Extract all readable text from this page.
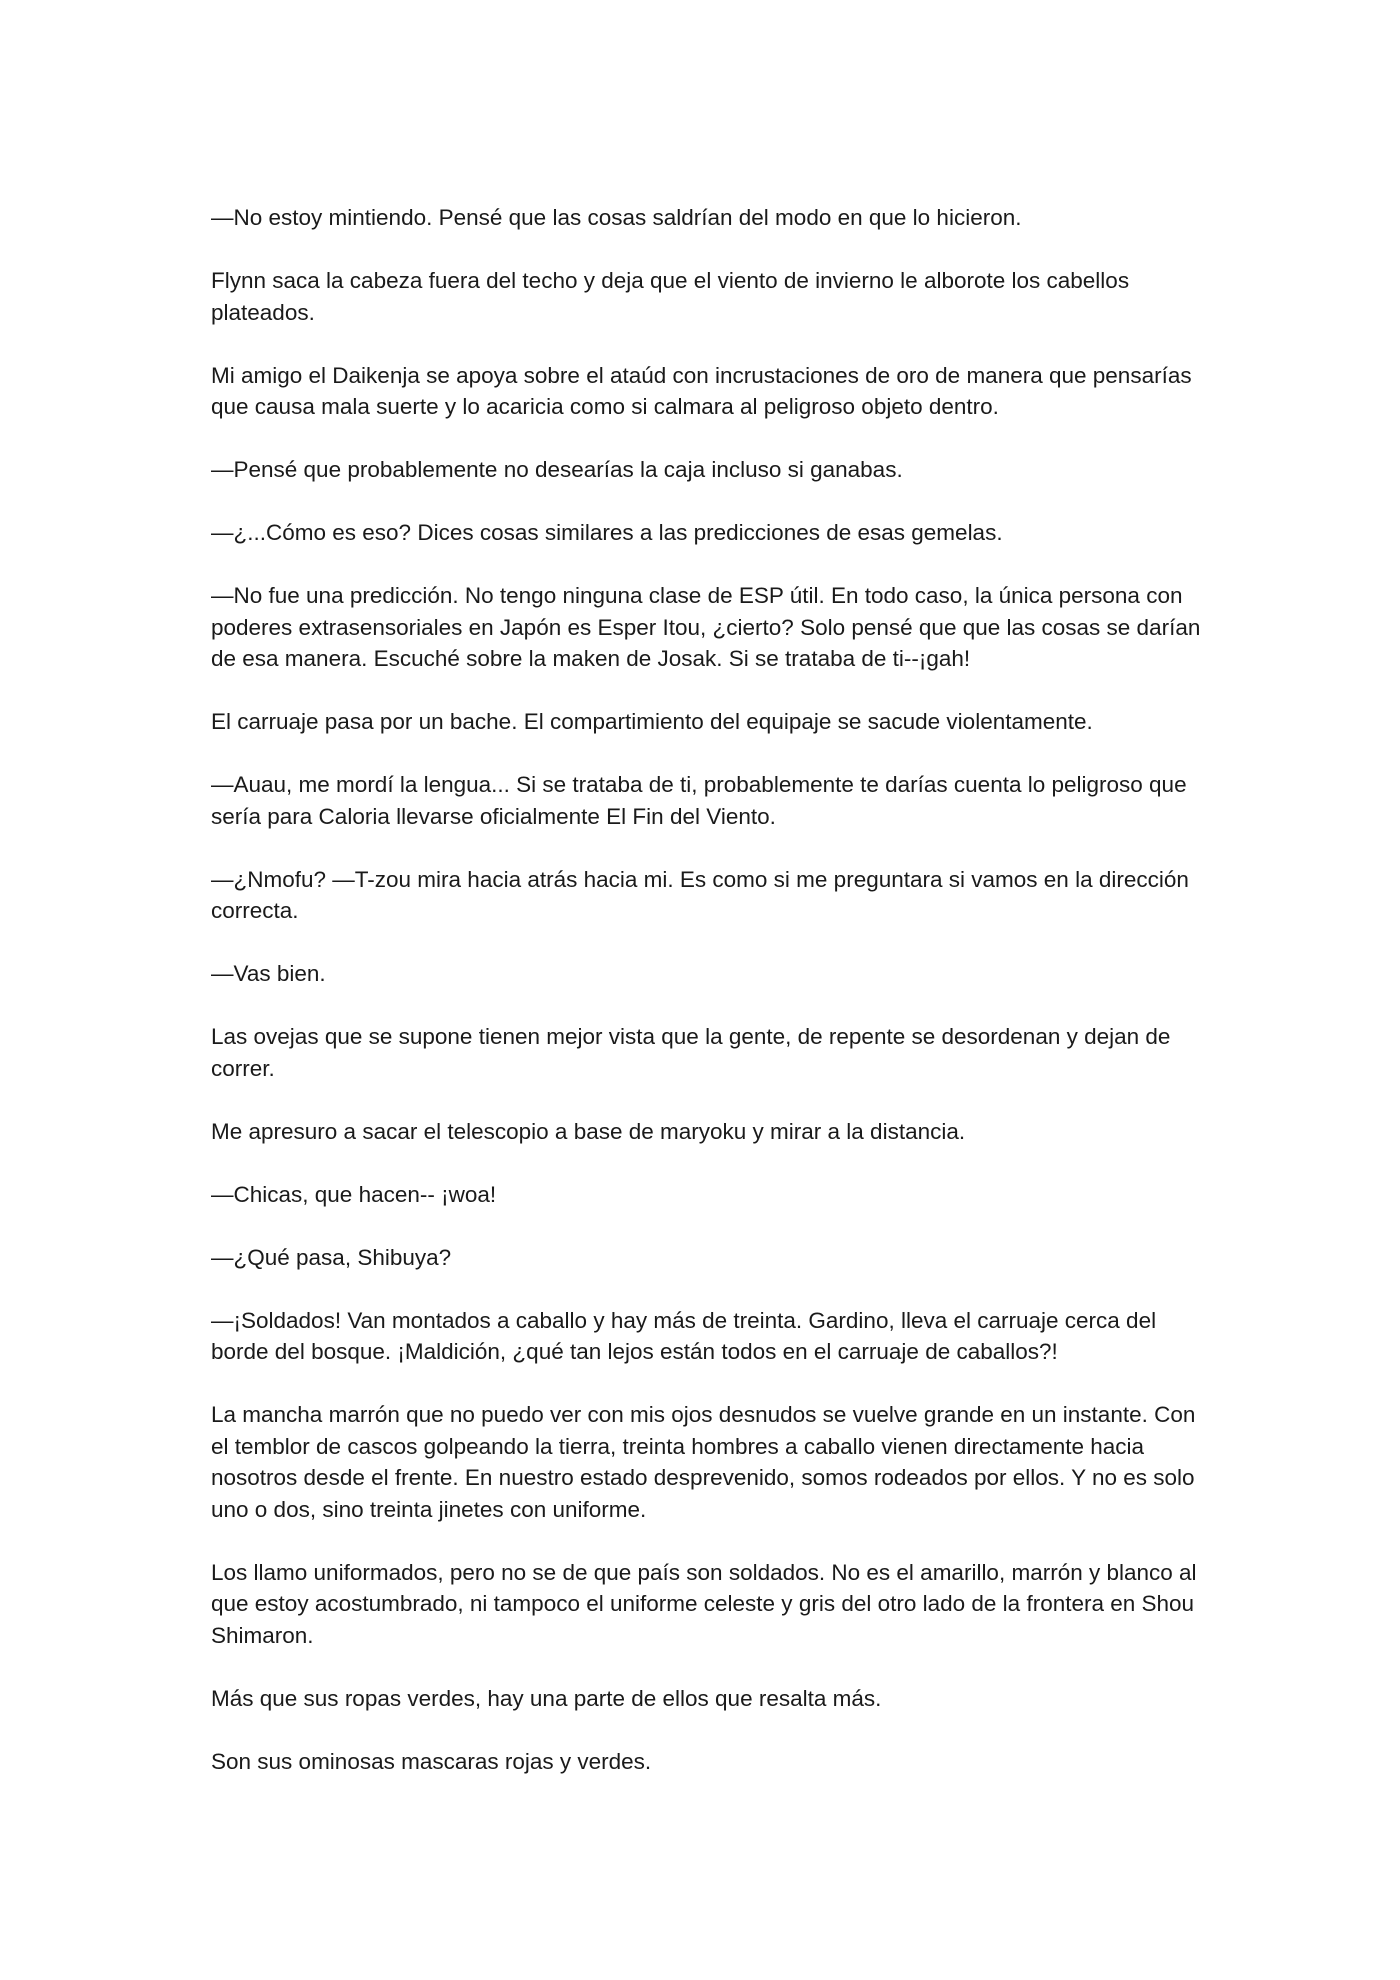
—No estoy mintiendo. Pensé que las cosas saldrían del modo en que lo hicieron.

Flynn saca la cabeza fuera del techo y deja que el viento de invierno le alborote los cabellos plateados.

Mi amigo el Daikenja se apoya sobre el ataúd con incrustaciones de oro de manera que pensarías que causa mala suerte y lo acaricia como si calmara al peligroso objeto dentro.

—Pensé que probablemente no desearías la caja incluso si ganabas.

—¿...Cómo es eso? Dices cosas similares a las predicciones de esas gemelas.

—No fue una predicción. No tengo ninguna clase de ESP útil. En todo caso, la única persona con poderes extrasensoriales en Japón es Esper Itou, ¿cierto? Solo pensé que que las cosas se darían de esa manera. Escuché sobre la maken de Josak. Si se trataba de ti--¡gah!

El carruaje pasa por un bache. El compartimiento del equipaje se sacude violentamente.

—Auau, me mordí la lengua... Si se trataba de ti, probablemente te darías cuenta lo peligroso que sería para Caloria llevarse oficialmente El Fin del Viento.

—¿Nmofu? —T-zou mira hacia atrás hacia mi. Es como si me preguntara si vamos en la dirección correcta.

—Vas bien.

Las ovejas que se supone tienen mejor vista que la gente, de repente se desordenan y dejan de correr.

Me apresuro a sacar el telescopio a base de maryoku y mirar a la distancia.

—Chicas, que hacen-- ¡woa!

—¿Qué pasa, Shibuya?

—¡Soldados! Van montados a caballo y hay más de treinta. Gardino, lleva el carruaje cerca del borde del bosque. ¡Maldición, ¿qué tan lejos están todos en el carruaje de caballos?!

La mancha marrón que no puedo ver con mis ojos desnudos se vuelve grande en un instante. Con el temblor de cascos golpeando la tierra, treinta hombres a caballo vienen directamente hacia nosotros desde el frente. En nuestro estado desprevenido, somos rodeados por ellos. Y no es solo uno o dos, sino treinta jinetes con uniforme.

Los llamo uniformados, pero no se de que país son soldados. No es el amarillo, marrón y blanco al que estoy acostumbrado, ni tampoco el uniforme celeste y gris del otro lado de la frontera en Shou Shimaron.

Más que sus ropas verdes, hay una parte de ellos que resalta más.

Son sus ominosas mascaras rojas y verdes.
